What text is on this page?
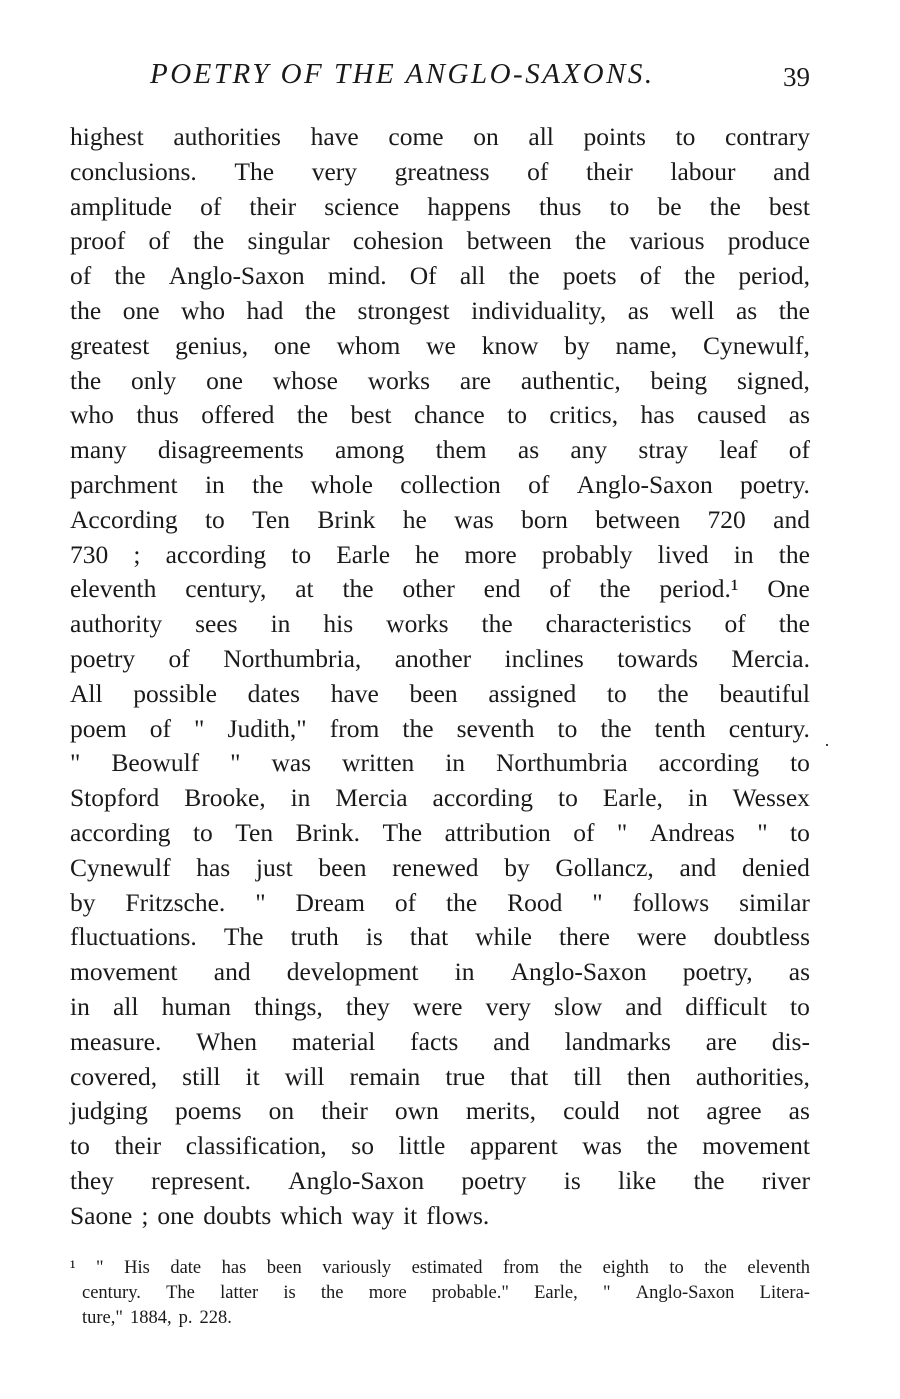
POETRY OF THE ANGLO-SAXONS.	39
highest authorities have come on all points to contrary
conclusions. The very greatness of their labour and
amplitude of their science happens thus to be the best
proof of the singular cohesion between the various produce
of the Anglo-Saxon mind. Of all the poets of the period,
the one who had the strongest individuality, as well as the
greatest genius, one whom we know by name, Cynewulf,
the only one whose works are authentic, being signed,
who thus offered the best chance to critics, has caused as
many disagreements among them as any stray leaf of
parchment in the whole collection of Anglo-Saxon poetry.
According to Ten Brink he was born between 720 and
730 ; according to Earle he more probably lived in the
eleventh century, at the other end of the period.¹ One
authority sees in his works the characteristics of the
poetry of Northumbria, another inclines towards Mercia.
All possible dates have been assigned to the beautiful
poem of " Judith," from the seventh to the tenth century.
" Beowulf " was written in Northumbria according to
Stopford Brooke, in Mercia according to Earle, in Wessex
according to Ten Brink. The attribution of " Andreas " to
Cynewulf has just been renewed by Gollancz, and denied
by Fritzsche. " Dream of the Rood " follows similar
fluctuations. The truth is that while there were doubtless
movement and development in Anglo-Saxon poetry, as
in all human things, they were very slow and difficult to
measure. When material facts and landmarks are dis-
covered, still it will remain true that till then authorities,
judging poems on their own merits, could not agree as
to their classification, so little apparent was the movement
they represent. Anglo-Saxon poetry is like the river
Saone ; one doubts which way it flows.
·
¹ " His date has been variously estimated from the eighth to the eleventh
century. The latter is the more probable." Earle, " Anglo-Saxon Litera-
ture," 1884, p. 228.
